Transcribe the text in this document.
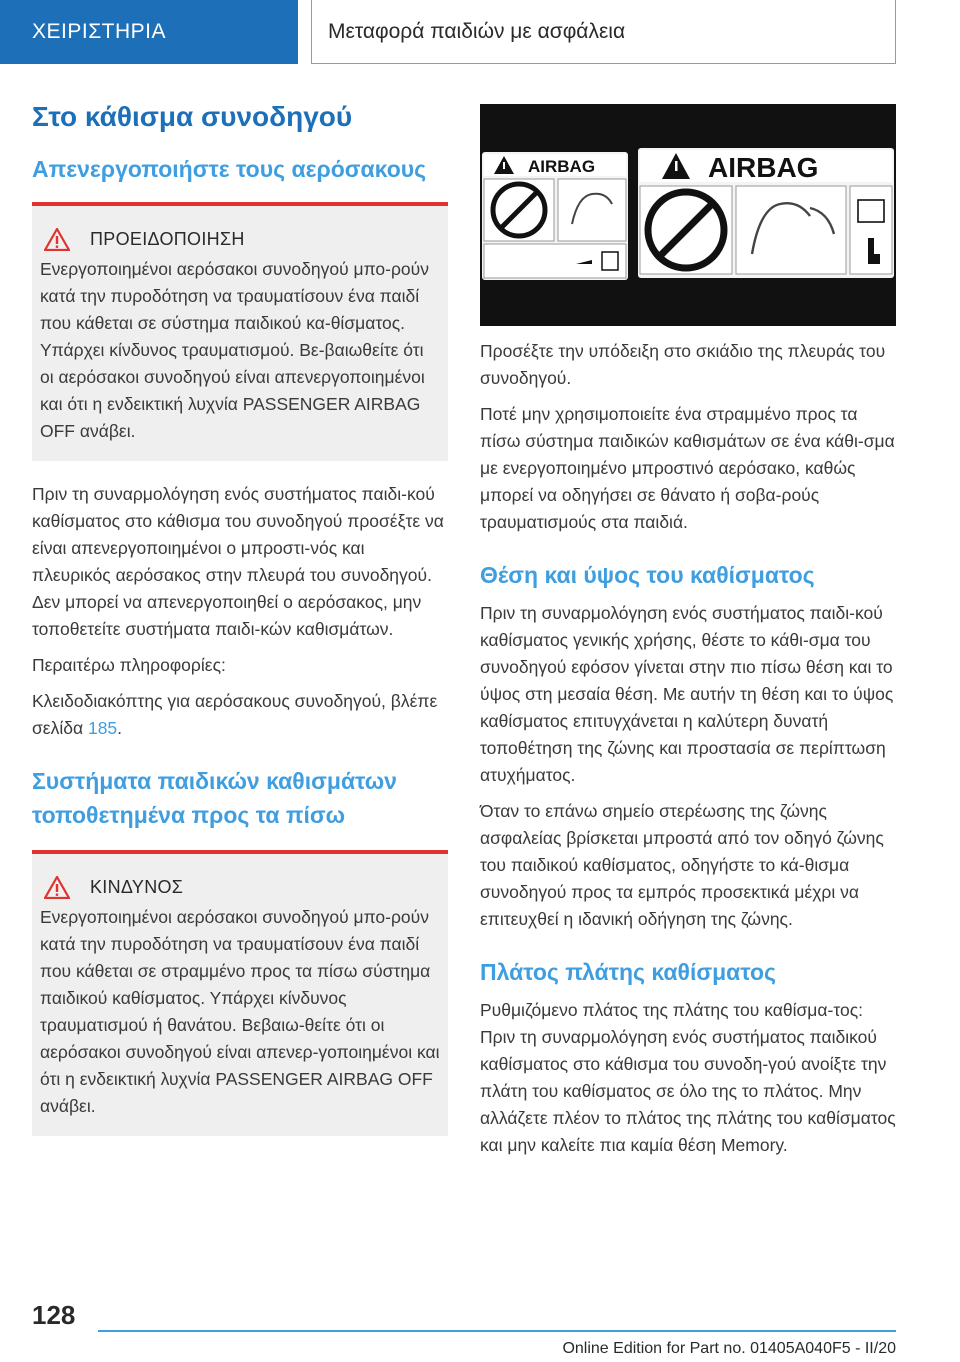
ΧΕΙΡΙΣΤΗΡΙΑ	Μεταφορά παιδιών με ασφάλεια
Στο κάθισμα συνοδηγού
Απενεργοποιήστε τους αερόσακους
ΠΡΟΕΙΔΟΠΟΙΗΣΗ

Ενεργοποιημένοι αερόσακοι συνοδηγού μπο-ρούν κατά την πυροδότηση να τραυματίσουν ένα παιδί που κάθεται σε σύστημα παιδικού κα-θίσματος. Υπάρχει κίνδυνος τραυματισμού. Βε-βαιωθείτε ότι οι αερόσακοι συνοδηγού είναι απενεργοποιημένοι και ότι η ενδεικτική λυχνία PASSENGER AIRBAG OFF ανάβει.

Πριν τη συναρμολόγηση ενός συστήματος παιδι-κού καθίσματος στο κάθισμα του συνοδηγού προσέξτε να είναι απενεργοποιημένοι ο μπροστι-νός και πλευρικός αερόσακος στην πλευρά του συνοδηγού. Δεν μπορεί να απενεργοποιηθεί ο αερόσακος, μην τοποθετείτε συστήματα παιδι-κών καθισμάτων.

Περαιτέρω πληροφορίες:

Κλειδοδιακόπτης για αερόσακους συνοδηγού, βλέπε σελίδα 185.

Συστήματα παιδικών καθισμάτων τοποθετημένα προς τα πίσω
ΚΙΝΔΥΝΟΣ

Ενεργοποιημένοι αερόσακοι συνοδηγού μπο-ρούν κατά την πυροδότηση να τραυματίσουν ένα παιδί που κάθεται σε στραμμένο προς τα πίσω σύστημα παιδικού καθίσματος. Υπάρχει κίνδυνος τραυματισμού ή θανάτου. Βεβαιω-θείτε ότι οι αερόσακοι συνοδηγού είναι απενερ-γοποιημένοι και ότι η ενδεικτική λυχνία PASSENGER AIRBAG OFF ανάβει.

AIRBAG	AIRBAG

Προσέξτε την υπόδειξη στο σκιάδιο της πλευράς του συνοδηγού.

Ποτέ μην χρησιμοποιείτε ένα στραμμένο προς τα πίσω σύστημα παιδικών καθισμάτων σε ένα κάθι-σμα με ενεργοποιημένο μπροστινό αερόσακο, καθώς μπορεί να οδηγήσει σε θάνατο ή σοβα-ρούς τραυματισμούς στα παιδιά.

Θέση και ύψος του καθίσματος

Πριν τη συναρμολόγηση ενός συστήματος παιδι-κού καθίσματος γενικής χρήσης, θέστε το κάθι-σμα του συνοδηγού εφόσον γίνεται στην πιο πίσω θέση και το ύψος στη μεσαία θέση. Με αυτήν τη θέση και το ύψος καθίσματος επιτυγχάνεται η καλύτερη δυνατή τοποθέτηση της ζώνης και προστασία σε περίπτωση ατυχήματος.

Όταν το επάνω σημείο στερέωσης της ζώνης ασφαλείας βρίσκεται μπροστά από τον οδηγό ζώνης του παιδικού καθίσματος, οδηγήστε το κά-θισμα συνοδηγού προς τα εμπρός προσεκτικά μέχρι να επιτευχθεί η ιδανική οδήγηση της ζώνης.

Πλάτος πλάτης καθίσματος

Ρυθμιζόμενο πλάτος της πλάτης του καθίσμα-τος: Πριν τη συναρμολόγηση ενός συστήματος παιδικού καθίσματος στο κάθισμα του συνοδη-γού ανοίξτε την πλάτη του καθίσματος σε όλο της το πλάτος. Μην αλλάζετε πλέον το πλάτος της πλάτης του καθίσματος και μην καλείτε πια καμία θέση Memory.

128
Online Edition for Part no. 01405A040F5 - II/20
